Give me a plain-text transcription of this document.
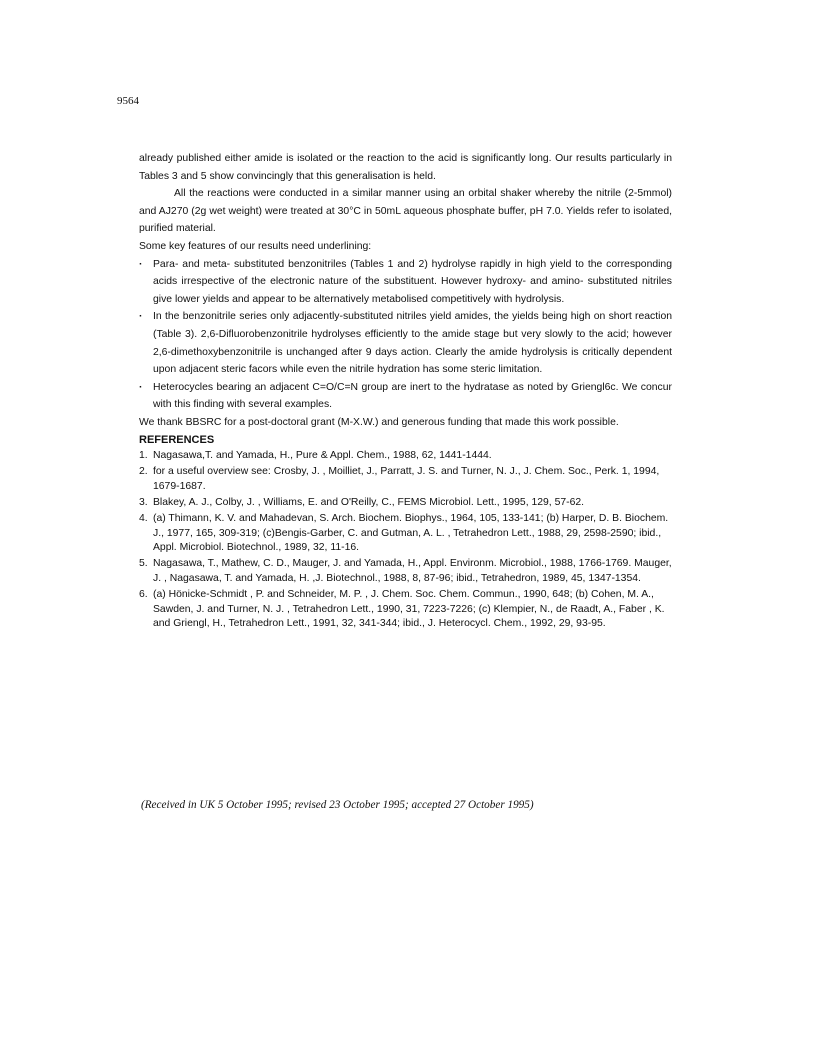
9564

already published either amide is isolated or the reaction to the acid is significantly long. Our results particularly in Tables 3 and 5 show convincingly that this generalisation is held.

All the reactions were conducted in a similar manner using an orbital shaker whereby the nitrile (2-5mmol) and AJ270 (2g wet weight) were treated at 30°C in 50mL aqueous phosphate buffer, pH 7.0. Yields refer to isolated, purified material.

Some key features of our results need underlining:

· Para- and meta- substituted benzonitriles (Tables 1 and 2) hydrolyse rapidly in high yield to the corresponding acids irrespective of the electronic nature of the substituent. However hydroxy- and amino- substituted nitriles give lower yields and appear to be alternatively metabolised competitively with hydrolysis.
· In the benzonitrile series only adjacently-substituted nitriles yield amides, the yields being high on short reaction (Table 3). 2,6-Difluorobenzonitrile hydrolyses efficiently to the amide stage but very slowly to the acid; however 2,6-dimethoxybenzonitrile is unchanged after 9 days action. Clearly the amide hydrolysis is critically dependent upon adjacent steric facors while even the nitrile hydration has some steric limitation.
· Heterocycles bearing an adjacent C=O/C=N group are inert to the hydratase as noted by Griengl6c. We concur with this finding with several examples.

We thank BBSRC for a post-doctoral grant (M-X.W.) and generous funding that made this work possible.

REFERENCES
1. Nagasawa,T. and Yamada, H., Pure & Appl. Chem., 1988, 62, 1441-1444.
2. for a useful overview see: Crosby, J. , Moilliet, J., Parratt, J. S. and Turner, N. J., J. Chem. Soc., Perk. 1, 1994, 1679-1687.
3. Blakey, A. J., Colby, J. , Williams, E. and O'Reilly, C., FEMS Microbiol. Lett., 1995, 129, 57-62.
4. (a) Thimann, K. V. and Mahadevan, S. Arch. Biochem. Biophys., 1964, 105, 133-141; (b) Harper, D. B. Biochem. J., 1977, 165, 309-319; (c)Bengis-Garber, C. and Gutman, A. L. , Tetrahedron Lett., 1988, 29, 2598-2590; ibid., Appl. Microbiol. Biotechnol., 1989, 32, 11-16.
5. Nagasawa, T., Mathew, C. D., Mauger, J. and Yamada, H., Appl. Environm. Microbiol., 1988, 1766-1769. Mauger, J. , Nagasawa, T. and Yamada, H. ,J. Biotechnol., 1988, 8, 87-96; ibid., Tetrahedron, 1989, 45, 1347-1354.
6. (a) Hönicke-Schmidt , P. and Schneider, M. P. , J. Chem. Soc. Chem. Commun., 1990, 648; (b) Cohen, M. A., Sawden, J. and Turner, N. J. , Tetrahedron Lett., 1990, 31, 7223-7226; (c) Klempier, N., de Raadt, A., Faber , K. and Griengl, H., Tetrahedron Lett., 1991, 32, 341-344; ibid., J. Heterocycl. Chem., 1992, 29, 93-95.
(Received in UK 5 October 1995; revised 23 October 1995; accepted 27 October 1995)
